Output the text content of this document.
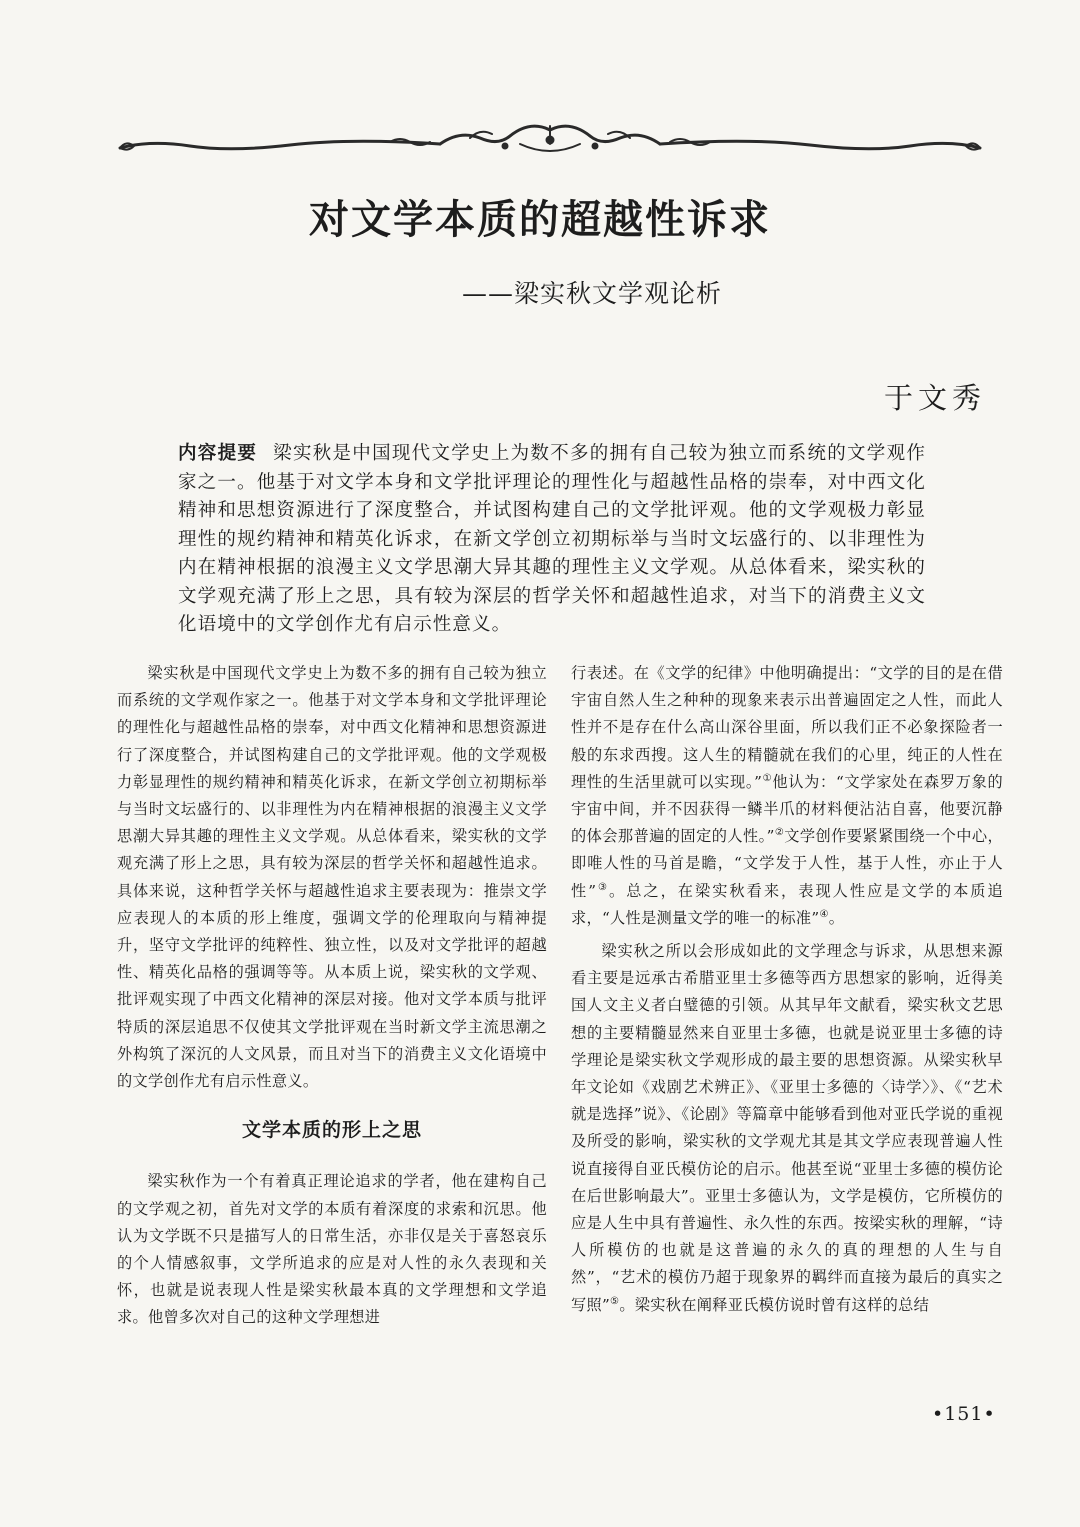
对文学本质的超越性诉求
——梁实秋文学观论析
于文秀
内容提要 梁实秋是中国现代文学史上为数不多的拥有自己较为独立而系统的文学观作家之一。他基于对文学本身和文学批评理论的理性化与超越性品格的崇奉，对中西文化精神和思想资源进行了深度整合，并试图构建自己的文学批评观。他的文学观极力彰显理性的规约精神和精英化诉求，在新文学创立初期标举与当时文坛盛行的、以非理性为内在精神根据的浪漫主义文学思潮大异其趣的理性主义文学观。从总体看来，梁实秋的文学观充满了形上之思，具有较为深层的哲学关怀和超越性追求，对当下的消费主义文化语境中的文学创作尤有启示性意义。

梁实秋是中国现代文学史上为数不多的拥有自己较为独立而系统的文学观作家之一。他基于对文学本身和文学批评理论的理性化与超越性品格的崇奉，对中西文化精神和思想资源进行了深度整合，并试图构建自己的文学批评观。他的文学观极力彰显理性的规约精神和精英化诉求，在新文学创立初期标举与当时文坛盛行的、以非理性为内在精神根据的浪漫主义文学思潮大异其趣的理性主义文学观。从总体看来，梁实秋的文学观充满了形上之思，具有较为深层的哲学关怀和超越性追求。具体来说，这种哲学关怀与超越性追求主要表现为：推崇文学应表现人的本质的形上维度，强调文学的伦理取向与精神提升，坚守文学批评的纯粹性、独立性，以及对文学批评的超越性、精英化品格的强调等等。从本质上说，梁实秋的文学观、批评观实现了中西文化精神的深层对接。他对文学本质与批评特质的深层追思不仅使其文学批评观在当时新文学主流思潮之外构筑了深沉的人文风景，而且对当下的消费主义文化语境中的文学创作尤有启示性意义。

文学本质的形上之思

梁实秋作为一个有着真正理论追求的学者，他在建构自己的文学观之初，首先对文学的本质有着深度的求索和沉思。他认为文学既不只是描写人的日常生活，亦非仅是关于喜怒哀乐的个人情感叙事，文学所追求的应是对人性的永久表现和关怀，也就是说表现人性是梁实秋最本真的文学理想和文学追求。他曾多次对自己的这种文学理想进

行表述。在《文学的纪律》中他明确提出：“文学的目的是在借宇宙自然人生之种种的现象来表示出普遍固定之人性，而此人性并不是存在什么高山深谷里面，所以我们正不必象探险者一般的东求西搜。这人生的精髓就在我们的心里，纯正的人性在理性的生活里就可以实现。”①他认为：“文学家处在森罗万象的宇宙中间，并不因获得一鳞半爪的材料便沾沾自喜，他要沉静的体会那普遍的固定的人性。”②文学创作要紧紧围绕一个中心，即唯人性的马首是瞻，“文学发于人性，基于人性，亦止于人性”③。总之，在梁实秋看来，表现人性应是文学的本质追求，“人性是测量文学的唯一的标准”④。

梁实秋之所以会形成如此的文学理念与诉求，从思想来源看主要是远承古希腊亚里士多德等西方思想家的影响，近得美国人文主义者白璧德的引领。从其早年文献看，梁实秋文艺思想的主要精髓显然来自亚里士多德，也就是说亚里士多德的诗学理论是梁实秋文学观形成的最主要的思想资源。从梁实秋早年文论如《戏剧艺术辨正》、《亚里士多德的〈诗学〉》、《“艺术就是选择”说》、《论剧》等篇章中能够看到他对亚氏学说的重视及所受的影响，梁实秋的文学观尤其是其文学应表现普遍人性说直接得自亚氏模仿论的启示。他甚至说“亚里士多德的模仿论在后世影响最大”。亚里士多德认为，文学是模仿，它所模仿的应是人生中具有普遍性、永久性的东西。按梁实秋的理解，“诗人所模仿的也就是这普遍的永久的真的理想的人生与自然”，“艺术的模仿乃超于现象界的羁绊而直接为最后的真实之写照”⑤。梁实秋在阐释亚氏模仿说时曾有这样的总结

•151•
